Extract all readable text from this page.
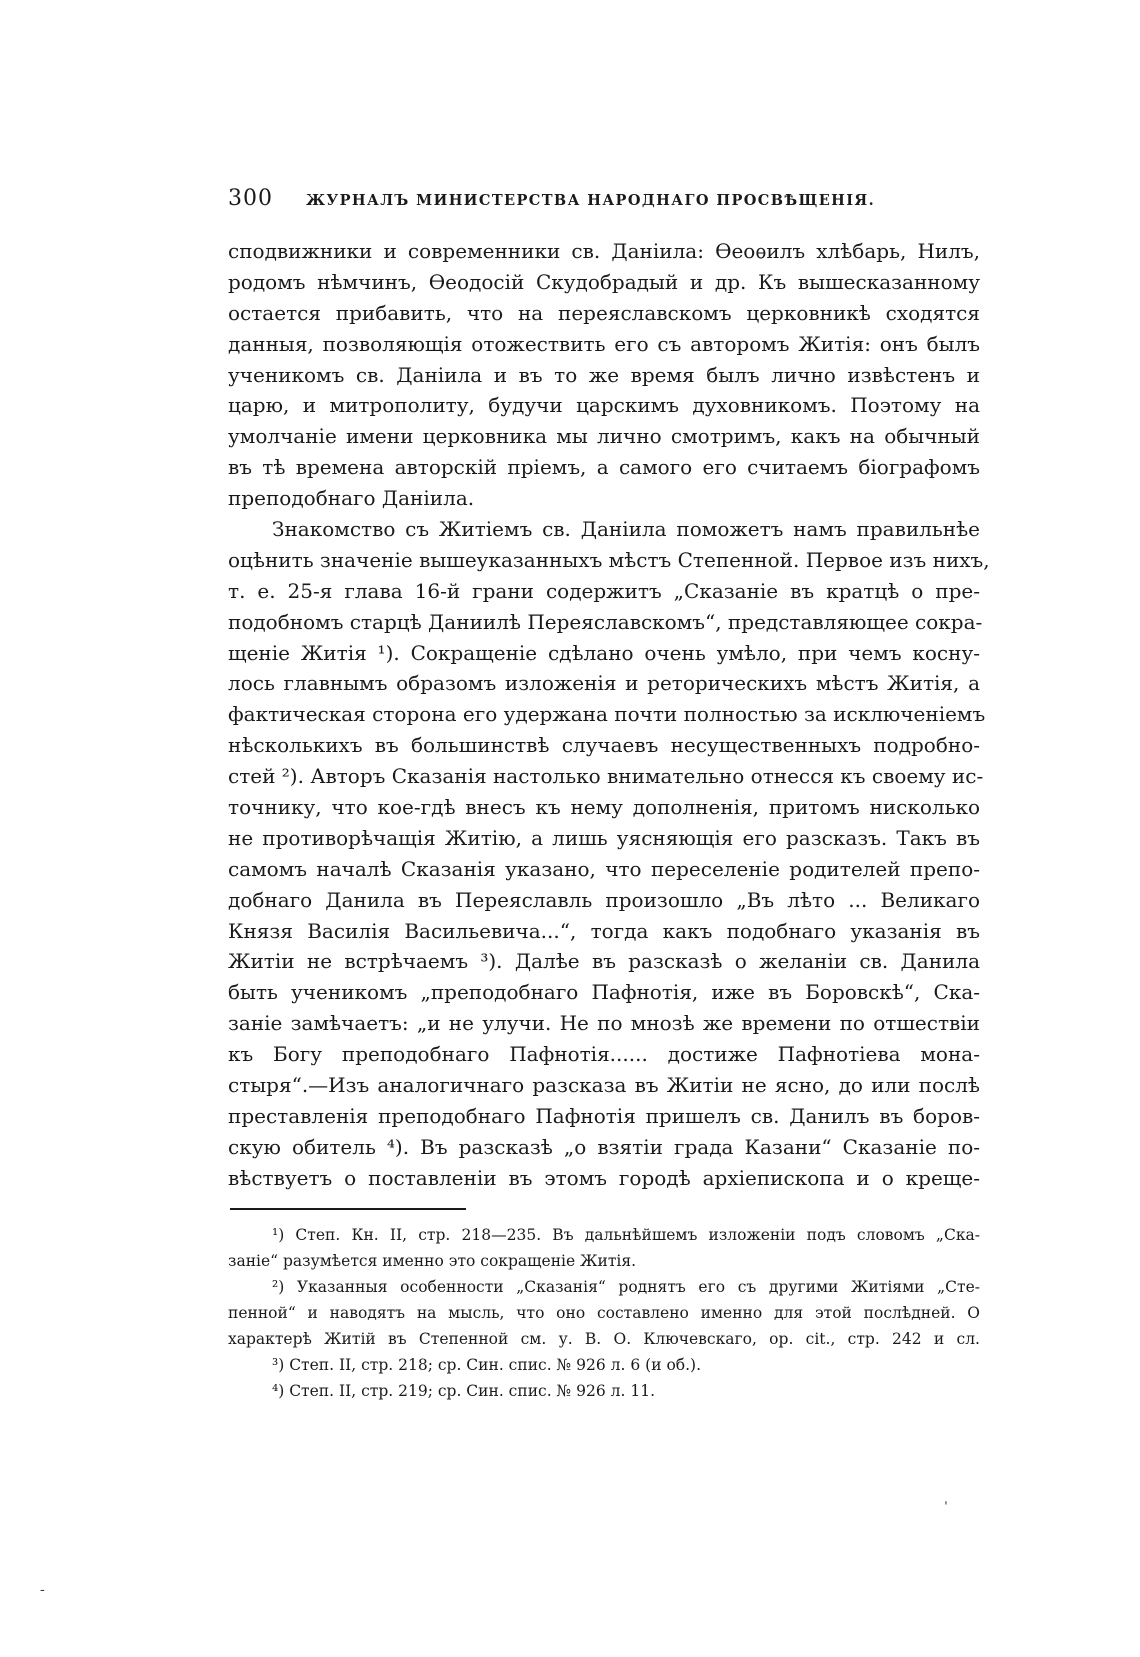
300 ЖУРНАЛЪ МИНИСТЕРСТВА НАРОДНАГО ПРОСВѢЩЕНІЯ.
сподвижники и современники св. Даніила: Ѳеоѳилъ хлѣбарь, Нилъ,
родомъ нѣмчинъ, Ѳеодосій Скудобрадый и др. Къ вышесказанному
остается прибавить, что на переяславскомъ церковникѣ сходятся
данныя, позволяющія отожествить его съ авторомъ Житія: онъ былъ
ученикомъ св. Даніила и въ то же время былъ лично извѣстенъ и
царю, и митрополиту, будучи царскимъ духовникомъ. Поэтому на
умолчаніе имени церковника мы лично смотримъ, какъ на обычный
въ тѣ времена авторскій пріемъ, а самого его считаемъ біографомъ
преподобнаго Даніила.
Знакомство съ Житіемъ св. Даніила поможетъ намъ правильнѣе
оцѣнить значеніе вышеуказанныхъ мѣстъ Степенной. Первое изъ нихъ,
т. е. 25-я глава 16-й грани содержитъ „Сказаніе въ кратцѣ о пре-
подобномъ старцѣ Даниилѣ Переяславскомъ“, представляющее сокра-
щеніе Житія ¹). Сокращеніе сдѣлано очень умѣло, при чемъ косну-
лось главнымъ образомъ изложенія и реторическихъ мѣстъ Житія, а
фактическая сторона его удержана почти полностью за исключеніемъ
нѣсколькихъ въ большинствѣ случаевъ несущественныхъ подробно-
стей ²). Авторъ Сказанія настолько внимательно отнесся къ своему ис-
точнику, что кое-гдѣ внесъ къ нему дополненія, притомъ нисколько
не противорѣчащія Житію, а лишь уясняющія его разсказъ. Такъ въ
самомъ началѣ Сказанія указано, что переселеніе родителей препо-
добнаго Данила въ Переяславль произошло „Въ лѣто ... Великаго
Князя Василія Васильевича...“, тогда какъ подобнаго указанія въ
Житіи не встрѣчаемъ ³). Далѣе въ разсказѣ о желаніи св. Данила
быть ученикомъ „преподобнаго Пафнотія, иже въ Боровскѣ“, Ска-
заніе замѣчаетъ: „и не улучи. Не по мнозѣ же времени по отшествіи
къ Богу преподобнаго Пафнотія...... достиже Пафнотіева мона-
стыря“.—Изъ аналогичнаго разсказа въ Житіи не ясно, до или послѣ
преставленія преподобнаго Пафнотія пришелъ св. Данилъ въ боров-
скую обитель ⁴). Въ разсказѣ „о взятіи града Казани“ Сказаніе по-
вѣствуетъ о поставленіи въ этомъ городѣ архіепископа и о креще-
¹) Степ. Кн. II, стр. 218—235. Въ дальнѣйшемъ изложеніи подъ словомъ „Ска-
заніе“ разумѣется именно это сокращеніе Житія.
²) Указанныя особенности „Сказанія“ роднятъ его съ другими Житіями „Сте-
пенной“ и наводятъ на мысль, что оно составлено именно для этой послѣдней. О
характерѣ Житій въ Степенной см. у. В. О. Ключевскаго, op. cit., стр. 242 и сл.
³) Степ. II, стр. 218; ср. Син. спис. № 926 л. 6 (и об.).
⁴) Степ. II, стр. 219; ср. Син. спис. № 926 л. 11.
ˈ
-
